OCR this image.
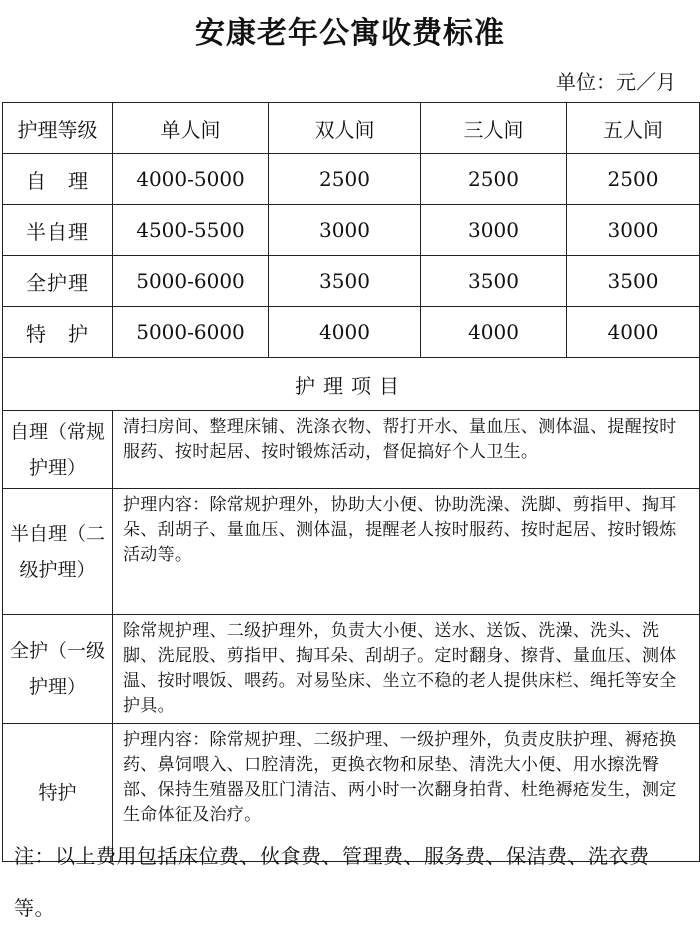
安康老年公寓收费标准
单位：元／月
护理等级	单人间	双人间	三人间	五人间
自　理	4000-5000	2500	2500	2500
半自理	4500-5500	3000	3000	3000
全护理	5000-6000	3500	3500	3500
特　护	5000-6000	4000	4000	4000
护理项目				
自理（常规护理）	清扫房间、整理床铺、洗涤衣物、帮打开水、量血压、测体温、提醒按时服药、按时起居、按时锻炼活动，督促搞好个人卫生。			
半自理（二级护理）	护理内容：除常规护理外，协助大小便、协助洗澡、洗脚、剪指甲、掏耳朵、刮胡子、量血压、测体温，提醒老人按时服药、按时起居、按时锻炼活动等。			
全护（一级护理）	除常规护理、二级护理外，负责大小便、送水、送饭、洗澡、洗头、洗脚、洗屁股、剪指甲、掏耳朵、刮胡子。定时翻身、擦背、量血压、测体温、按时喂饭、喂药。对易坠床、坐立不稳的老人提供床栏、绳托等安全护具。			
特护	护理内容：除常规护理、二级护理、一级护理外，负责皮肤护理、褥疮换药、鼻饲喂入、口腔清洗，更换衣物和尿垫、清洗大小便、用水擦洗臀部、保持生殖器及肛门清洁、两小时一次翻身拍背、杜绝褥疮发生，测定生命体征及治疗。			
注：以上费用包括床位费、伙食费、管理费、服务费、保洁费、洗衣费等。
